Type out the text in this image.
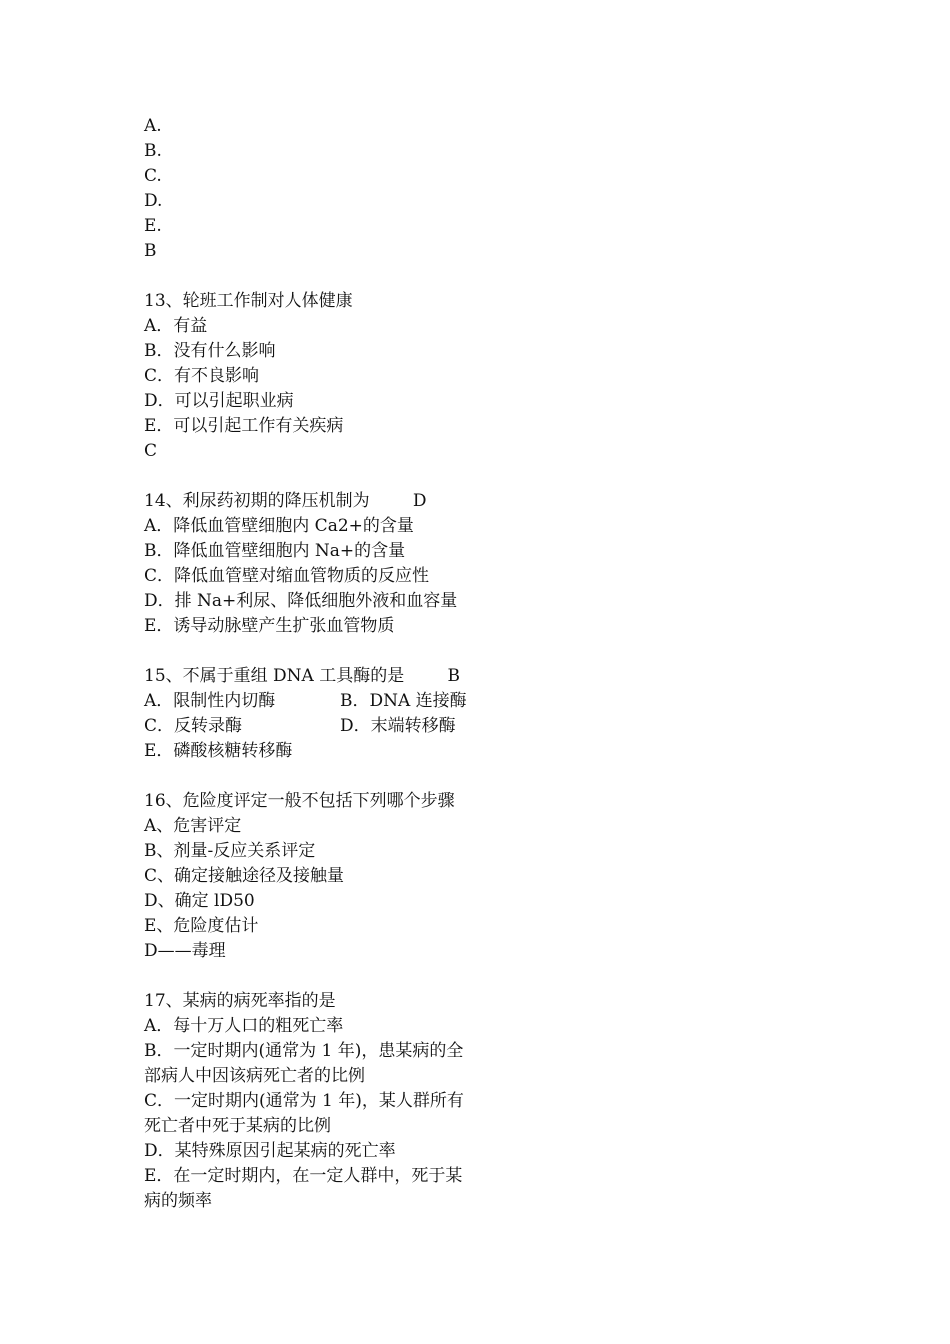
A.
B.
C.
D.
E.
B
13、轮班工作制对人体健康
A．有益
B．没有什么影响
C．有不良影响
D．可以引起职业病
E．可以引起工作有关疾病
C
14、利尿药初期的降压机制为        D
A．降低血管壁细胞内 Ca2+的含量
B．降低血管壁细胞内 Na+的含量
C．降低血管壁对缩血管物质的反应性
D．排 Na+利尿、降低细胞外液和血容量
E．诱导动脉壁产生扩张血管物质
15、不属于重组 DNA 工具酶的是        B
A．限制性内切酶	B．DNA 连接酶
C．反转录酶	D．末端转移酶
E．磷酸核糖转移酶
16、危险度评定一般不包括下列哪个步骤
A、危害评定
B、剂量-反应关系评定
C、确定接触途径及接触量
D、确定 lD50
E、危险度估计
D——毒理
17、某病的病死率指的是
A．每十万人口的粗死亡率
B．一定时期内(通常为 1 年)，患某病的全
部病人中因该病死亡者的比例
C．一定时期内(通常为 1 年)，某人群所有
死亡者中死于某病的比例
D．某特殊原因引起某病的死亡率
E．在一定时期内，在一定人群中，死于某
病的频率
